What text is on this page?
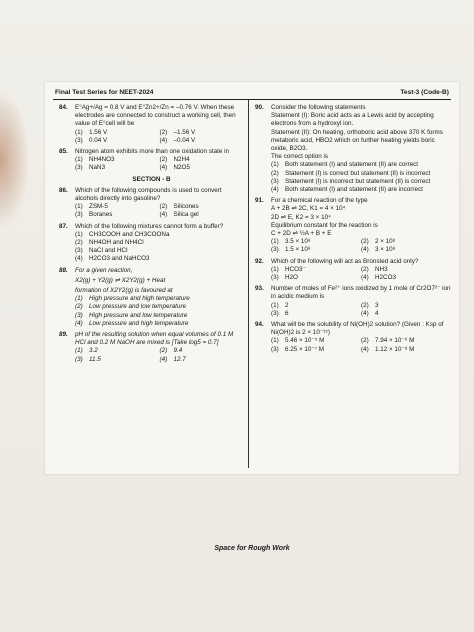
Final Test Series for NEET-2024	Test-3 (Code-B)
84.	E°Ag+/Ag = 0.8 V and E°Zn2+/Zn = –0.76 V. When these electrodes are connected to construct a working cell, then value of E°cell will be
(1) 1.56 V	(2) –1.56 V
(3) 0.04 V	(4) –0.04 V
85.	Nitrogen atom exhibits more than one oxidation state in
(1) NH4NO3	(2) N2H4
(3) NaN3	(4) N2O5
SECTION - B
86.	Which of the following compounds is used to convert alcohols directly into gasoline?
(1) ZSM-5	(2) Silicones
(3) Boranes	(4) Silica gel
87.	Which of the following mixtures cannot form a buffer?
(1) CH3COOH and CH3COONa
(2) NH4OH and NH4Cl
(3) NaCl and HCl
(4) H2CO3 and NaHCO3
88.	For a given reaction,
X2(g) + Y2(g) ⇌ X2Y2(g) + Heat
formation of X2Y2(g) is favoured at
(1) High pressure and high temperature
(2) Low pressure and low temperature
(3) High pressure and low temperature
(4) Low pressure and high temperature
89.	pH of the resulting solution when equal volumes of 0.1 M HCl and 0.2 M NaOH are mixed is [Take log5 = 0.7]
(1) 3.2	(2) 9.4
(3) 11.5	(4) 12.7
90.	Consider the following statements
Statement (I): Boric acid acts as a Lewis acid by accepting electrons from a hydroxyl ion.
Statement (II): On heating, orthoboric acid above 370 K forms metaboric acid, HBO2 which on further heating yields boric oxide, B2O3.
The correct option is
(1) Both statement (I) and statement (II) are correct
(2) Statement (I) is correct but statement (II) is incorrect
(3) Statement (I) is incorrect but statement (II) is correct
(4) Both statement (I) and statement (II) are incorrect
91.	For a chemical reaction of the type
A + 2B ⇌ 2C, K1 = 4 × 10⁴
2D ⇌ E, K2 = 3 × 10⁴
Equilibrium constant for the reaction is
C + 2D ⇌ ½A + B + E
(1) 3.5 × 10⁸	(2) 2 × 10⁸
(3) 1.5 × 10⁸	(4) 3 × 10⁸
92.	Which of the following will act as Bronsted acid only?
(1) HCO3⁻	(2) NH3
(3) H2O	(4) H2CO3
93.	Number of moles of Fe²⁺ ions oxidized by 1 mole of Cr2O7²⁻ ion in acidic medium is
(1) 2	(2) 3
(3) 6	(4) 4
94.	What will be the solubility of Ni(OH)2 solution? (Given : Ksp of Ni(OH)2 is 2 × 10⁻¹⁵)
(1) 5.46 × 10⁻⁵ M	(2) 7.94 × 10⁻⁶ M
(3) 6.25 × 10⁻⁷ M	(4) 1.12 × 10⁻⁸ M
Space for Rough Work
